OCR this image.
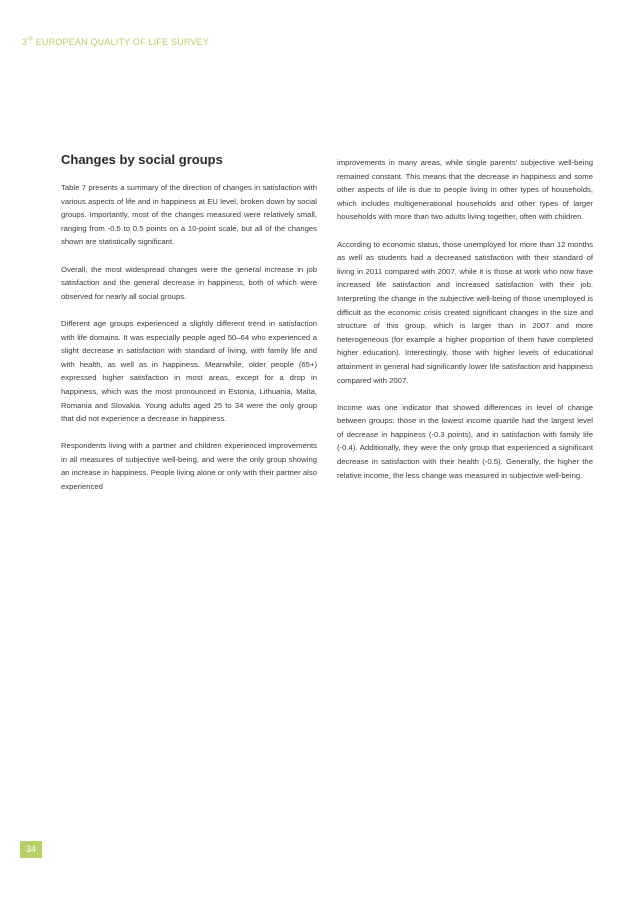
3rd EUROPEAN QUALITY OF LIFE SURVEY
Changes by social groups

Table 7 presents a summary of the direction of changes in satisfaction with various aspects of life and in happiness at EU level, broken down by social groups. Importantly, most of the changes measured were relatively small, ranging from -0.5 to 0.5 points on a 10-point scale, but all of the changes shown are statistically significant.

Overall, the most widespread changes were the general increase in job satisfaction and the general decrease in happiness, both of which were observed for nearly all social groups.

Different age groups experienced a slightly different trend in satisfaction with life domains. It was especially people aged 50–64 who experienced a slight decrease in satisfaction with standard of living, with family life and with health, as well as in happiness. Meanwhile, older people (65+) expressed higher satisfaction in most areas, except for a drop in happiness, which was the most pronounced in Estonia, Lithuania, Malta, Romania and Slovakia. Young adults aged 25 to 34 were the only group that did not experience a decrease in happiness.

Respondents living with a partner and children experienced improvements in all measures of subjective well-being, and were the only group showing an increase in happiness. People living alone or only with their partner also experienced

improvements in many areas, while single parents’ subjective well-being remained constant. This means that the decrease in happiness and some other aspects of life is due to people living in other types of households, which includes multigenerational households and other types of larger households with more than two adults living together, often with children.

According to economic status, those unemployed for more than 12 months as well as students had a decreased satisfaction with their standard of living in 2011 compared with 2007, while it is those at work who now have increased life satisfaction and increased satisfaction with their job. Interpreting the change in the subjective well-being of those unemployed is difficult as the economic crisis created significant changes in the size and structure of this group, which is larger than in 2007 and more heterogeneous (for example a higher proportion of them have completed higher education). Interestingly, those with higher levels of educational attainment in general had significantly lower life satisfaction and happiness compared with 2007.

Income was one indicator that showed differences in level of change between groups: those in the lowest income quartile had the largest level of decrease in happiness (-0.3 points), and in satisfaction with family life (-0.4). Additionally, they were the only group that experienced a significant decrease in satisfaction with their health (-0.5). Generally, the higher the relative income, the less change was measured in subjective well-being.

34
